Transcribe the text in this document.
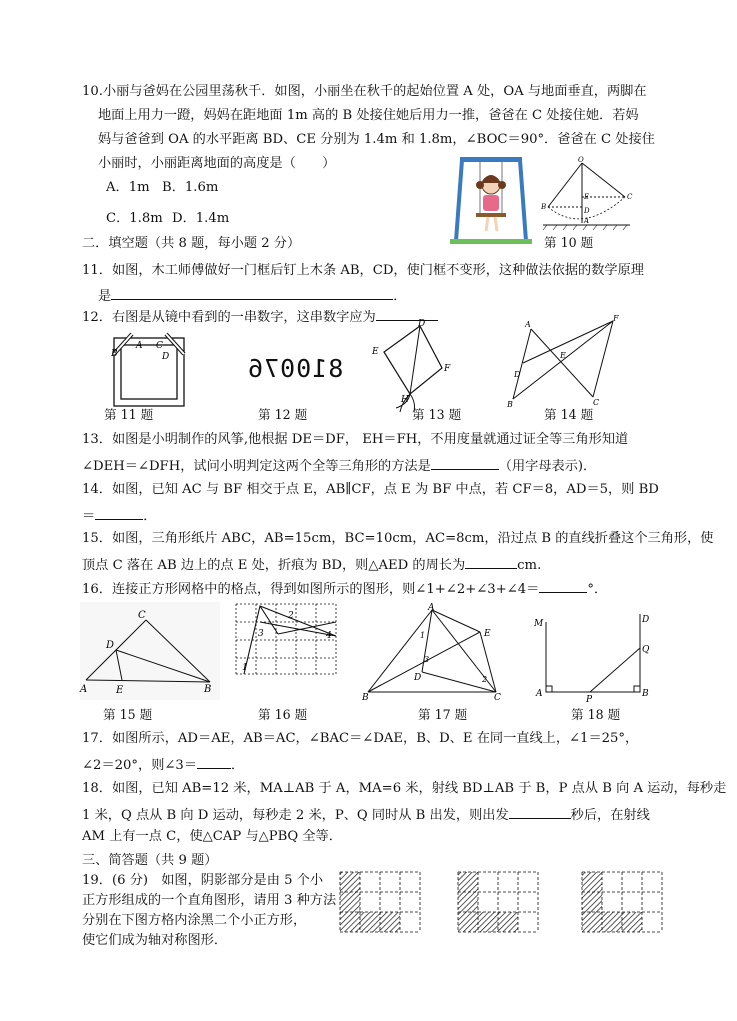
10.小丽与爸妈在公园里荡秋千．如图，小丽坐在秋千的起始位置 A 处，OA 与地面垂直，两脚在
地面上用力一蹬，妈妈在距地面 1m 高的 B 处接住她后用力一推，爸爸在 C 处接住她．若妈
妈与爸爸到 OA 的水平距离 BD、CE 分别为 1.4m 和 1.8m，∠BOC＝90°．爸爸在 C 处接住
小丽时，小丽距离地面的高度是（　　）
A．1m B．1.6m
C．1.8m D．1.4m
O
B	D
C
E
A
第 10 题
二．填空题（共 8 题，每小题 2 分）
11．如图，木工师傅做好一门框后钉上木条 AB，CD，使门框不变形，这种做法依据的数学原理
是	．
12．右图是从镜中看到的一串数字，这串数字应为
B
A C
D
第 11 题
810076
第 12 题
D
E
F
H
第 13 题
A
F
E
D
B	C
第 14 题
13．如图是小明制作的风筝,他根据 DE＝DF， EH＝FH，不用度量就通过证全等三角形知道
∠DEH＝∠DFH，试问小明判定这两个全等三角形的方法是	（用字母表示)．
14．如图，已知 AC 与 BF 相交于点 E，AB∥CF，点 E 为 BF 中点，若 CF＝8，AD＝5，则 BD
＝	．
15．如图，三角形纸片 ABC，AB=15cm，BC=10cm，AC=8cm，沿过点 B 的直线折叠这个三角形，使
顶点 C 落在 AB 边上的点 E 处，折痕为 BD，则△AED 的周长为	cm.
16．连接正方形网格中的格点，得到如图所示的图形，则∠1+∠2+∠3+∠4＝	°．
C
D
A	E	B
第 15 题
2
3	4
1
第 16 题
A
E
1
3
D	2
B	C
第 17 题
D
M
Q
A
P
B
第 18 题
17．如图所示，AD＝AE，AB＝AC，∠BAC＝∠DAE，B、D、E 在同一直线上，∠1＝25°，
∠2＝20°，则∠3＝	．
18．如图，已知 AB=12 米，MA⊥AB 于 A，MA=6 米，射线 BD⊥AB 于 B，P 点从 B 向 A 运动，每秒走
1 米，Q 点从 B 向 D 运动，每秒走 2 米，P、Q 同时从 B 出发，则出发	秒后，在射线
AM 上有一点 C，使△CAP 与△PBQ 全等．
三、简答题（共 9 题）
19．(6 分)　如图，阴影部分是由 5 个小
正方形组成的一个直角图形，请用 3 种方法
分别在下图方格内涂黑二个小正方形，
使它们成为轴对称图形．
